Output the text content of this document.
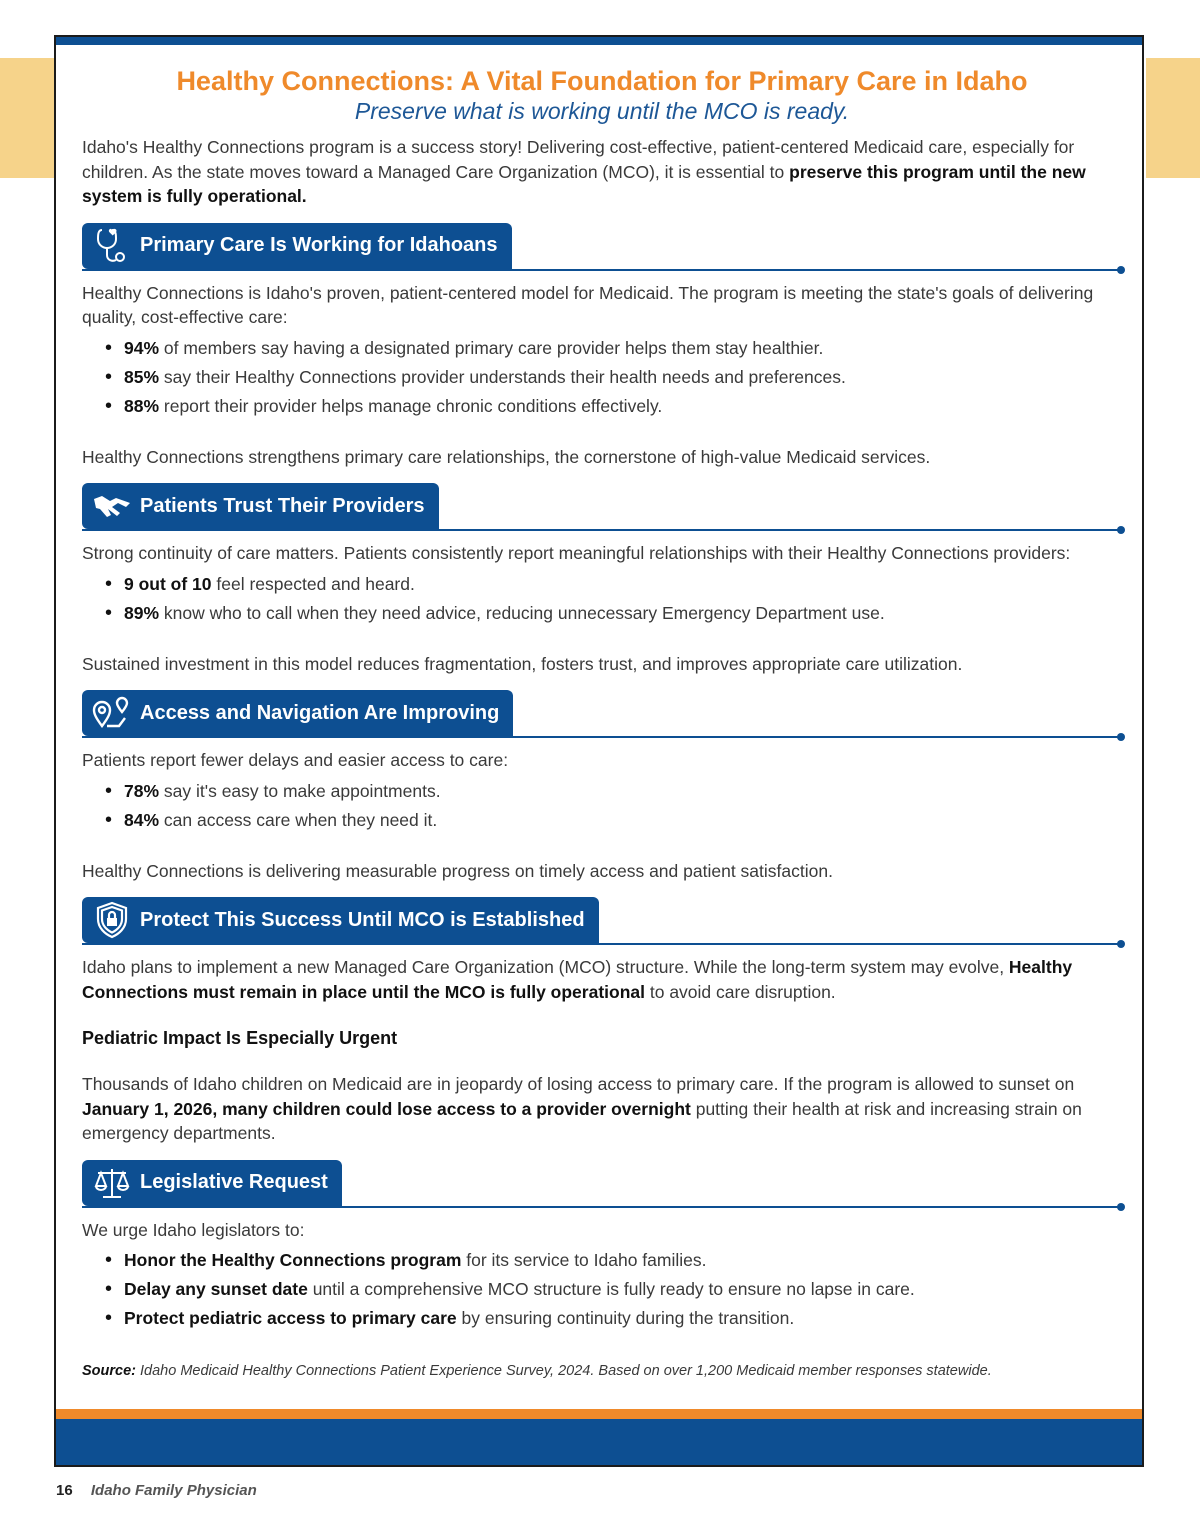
Healthy Connections: A Vital Foundation for Primary Care in Idaho

Preserve what is working until the MCO is ready.

Idaho's Healthy Connections program is a success story! Delivering cost-effective, patient-centered Medicaid care, especially for children. As the state moves toward a Managed Care Organization (MCO), it is essential to preserve this program until the new system is fully operational.

Primary Care Is Working for Idahoans

Healthy Connections is Idaho's proven, patient-centered model for Medicaid. The program is meeting the state's goals of delivering quality, cost-effective care:

• 94% of members say having a designated primary care provider helps them stay healthier.
• 85% say their Healthy Connections provider understands their health needs and preferences.
• 88% report their provider helps manage chronic conditions effectively.

Healthy Connections strengthens primary care relationships, the cornerstone of high-value Medicaid services.

Patients Trust Their Providers

Strong continuity of care matters. Patients consistently report meaningful relationships with their Healthy Connections providers:

• 9 out of 10 feel respected and heard.
• 89% know who to call when they need advice, reducing unnecessary Emergency Department use.

Sustained investment in this model reduces fragmentation, fosters trust, and improves appropriate care utilization.

Access and Navigation Are Improving

Patients report fewer delays and easier access to care:

• 78% say it's easy to make appointments.
• 84% can access care when they need it.

Healthy Connections is delivering measurable progress on timely access and patient satisfaction.

Protect This Success Until MCO is Established

Idaho plans to implement a new Managed Care Organization (MCO) structure. While the long-term system may evolve, Healthy Connections must remain in place until the MCO is fully operational to avoid care disruption.

Pediatric Impact Is Especially Urgent

Thousands of Idaho children on Medicaid are in jeopardy of losing access to primary care. If the program is allowed to sunset on January 1, 2026, many children could lose access to a provider overnight putting their health at risk and increasing strain on emergency departments.

Legislative Request

We urge Idaho legislators to:

• Honor the Healthy Connections program for its service to Idaho families.
• Delay any sunset date until a comprehensive MCO structure is fully ready to ensure no lapse in care.
• Protect pediatric access to primary care by ensuring continuity during the transition.

Source: Idaho Medicaid Healthy Connections Patient Experience Survey, 2024. Based on over 1,200 Medicaid member responses statewide.

16 Idaho Family Physician
